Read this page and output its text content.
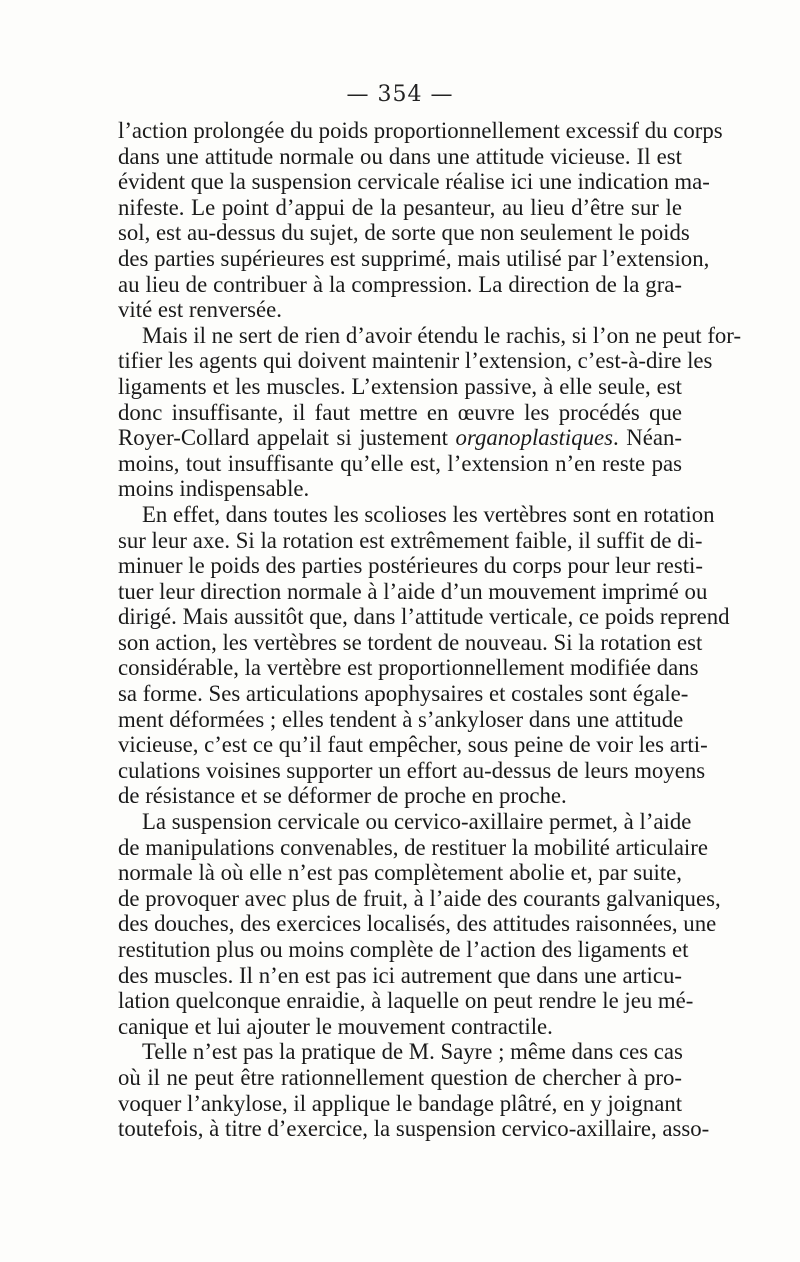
— 354 —
l’action prolongée du poids proportionnellement excessif du corps
dans une attitude normale ou dans une attitude vicieuse. Il est
évident que la suspension cervicale réalise ici une indication ma-
nifeste. Le point d’appui de la pesanteur, au lieu d’être sur le
sol, est au-dessus du sujet, de sorte que non seulement le poids
des parties supérieures est supprimé, mais utilisé par l’extension,
au lieu de contribuer à la compression. La direction de la gra-
vité est renversée.
Mais il ne sert de rien d’avoir étendu le rachis, si l’on ne peut for-
tifier les agents qui doivent maintenir l’extension, c’est-à-dire les
ligaments et les muscles. L’extension passive, à elle seule, est
donc insuffisante, il faut mettre en œuvre les procédés que
Royer-Collard appelait si justement organoplastiques. Néan-
moins, tout insuffisante qu’elle est, l’extension n’en reste pas
moins indispensable.
En effet, dans toutes les scolioses les vertèbres sont en rotation
sur leur axe. Si la rotation est extrêmement faible, il suffit de di-
minuer le poids des parties postérieures du corps pour leur resti-
tuer leur direction normale à l’aide d’un mouvement imprimé ou
dirigé. Mais aussitôt que, dans l’attitude verticale, ce poids reprend
son action, les vertèbres se tordent de nouveau. Si la rotation est
considérable, la vertèbre est proportionnellement modifiée dans
sa forme. Ses articulations apophysaires et costales sont égale-
ment déformées ; elles tendent à s’ankyloser dans une attitude
vicieuse, c’est ce qu’il faut empêcher, sous peine de voir les arti-
culations voisines supporter un effort au-dessus de leurs moyens
de résistance et se déformer de proche en proche.
La suspension cervicale ou cervico-axillaire permet, à l’aide
de manipulations convenables, de restituer la mobilité articulaire
normale là où elle n’est pas complètement abolie et, par suite,
de provoquer avec plus de fruit, à l’aide des courants galvaniques,
des douches, des exercices localisés, des attitudes raisonnées, une
restitution plus ou moins complète de l’action des ligaments et
des muscles. Il n’en est pas ici autrement que dans une articu-
lation quelconque enraidie, à laquelle on peut rendre le jeu mé-
canique et lui ajouter le mouvement contractile.
Telle n’est pas la pratique de M. Sayre ; même dans ces cas
où il ne peut être rationnellement question de chercher à pro-
voquer l’ankylose, il applique le bandage plâtré, en y joignant
toutefois, à titre d’exercice, la suspension cervico-axillaire, asso-
